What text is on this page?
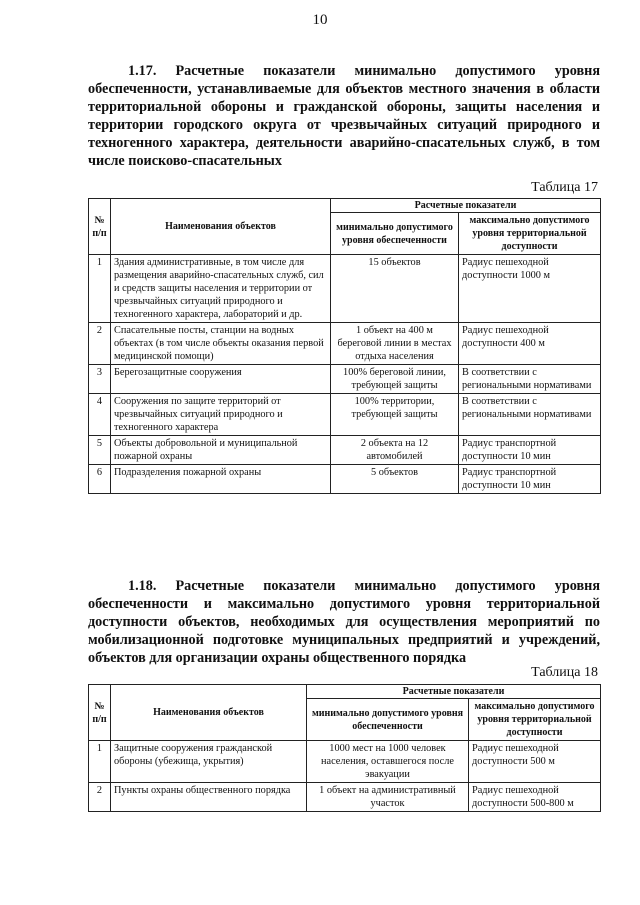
10
1.17. Расчетные показатели минимально допустимого уровня обеспеченности, устанавливаемые для объектов местного значения в области территориальной обороны и гражданской обороны, защиты населения и территории городского округа от чрезвычайных ситуаций природного и техногенного характера, деятельности аварийно-спасательных служб, в том числе поисково-спасательных
Таблица 17
№ п/п	Наименования объектов	Расчетные показатели	
		минимально допустимого уровня обеспеченности	максимально допустимого уровня территориальной доступности
1	Здания административные, в том числе для размещения аварийно-спасательных служб, сил и средств защиты населения и территории от чрезвычайных ситуаций природного и техногенного характера, лабораторий и др.	15 объектов	Радиус пешеходной доступности 1000 м
2	Спасательные посты, станции на водных объектах (в том числе объекты оказания первой медицинской помощи)	1 объект на 400 м береговой линии в местах отдыха населения	Радиус пешеходной доступности 400 м
3	Берегозащитные сооружения	100% береговой линии, требующей защиты	В соответствии с региональными нормативами
4	Сооружения по защите территорий от чрезвычайных ситуаций природного и техногенного характера	100% территории, требующей защиты	В соответствии с региональными нормативами
5	Объекты добровольной и муниципальной пожарной охраны	2 объекта на 12 автомобилей	Радиус транспортной доступности 10 мин
6	Подразделения пожарной охраны	5 объектов	Радиус транспортной доступности 10 мин
1.18. Расчетные показатели минимально допустимого уровня обеспеченности и максимально допустимого уровня территориальной доступности объектов, необходимых для осуществления мероприятий по мобилизационной подготовке муниципальных предприятий и учреждений, объектов для организации охраны общественного порядка
Таблица 18
№ п/п	Наименования объектов	Расчетные показатели	
		минимально допустимого уровня обеспеченности	максимально допустимого уровня территориальной доступности
1	Защитные сооружения гражданской обороны (убежища, укрытия)	1000 мест на 1000 человек населения, оставшегося после эвакуации	Радиус пешеходной доступности 500 м
2	Пункты охраны общественного порядка	1 объект на административный участок	Радиус пешеходной доступности 500-800 м
